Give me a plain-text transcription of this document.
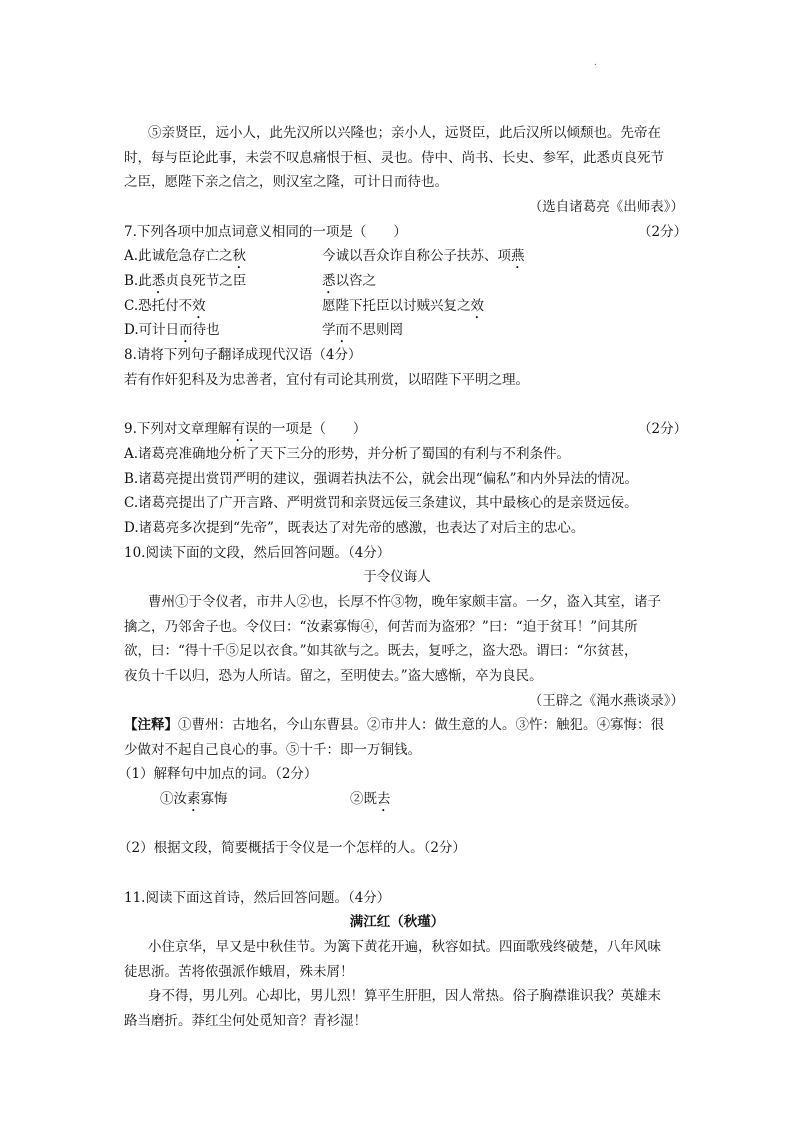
.
⑤亲贤臣，远小人，此先汉所以兴隆也；亲小人，远贤臣，此后汉所以倾颓也。先帝在
时，每与臣论此事，未尝不叹息痛恨于桓、灵也。侍中、尚书、长史、参军，此悉贞良死节
之臣，愿陛下亲之信之，则汉室之隆，可计日而待也。
（选自诸葛亮《出师表》）
7.下列各项中加点词意义相同的一项是（　　）	（2分）
A.此诚危急存亡之秋	今诚以吾众诈自称公子扶苏、项燕
B.此悉贞良死节之臣	悉以咨之
C.恐托付不效	愿陛下托臣以讨贼兴复之效
D.可计日而待也	学而不思则罔
8.请将下列句子翻译成现代汉语（4分）
若有作奸犯科及为忠善者，宜付有司论其刑赏，以昭陛下平明之理。
9.下列对文章理解有误的一项是（　　）	（2分）
A.诸葛亮准确地分析了天下三分的形势，并分析了蜀国的有利与不利条件。
B.诸葛亮提出赏罚严明的建议，强调若执法不公，就会出现“偏私”和内外异法的情况。
C.诸葛亮提出了广开言路、严明赏罚和亲贤远佞三条建议，其中最核心的是亲贤远佞。
D.诸葛亮多次提到“先帝”，既表达了对先帝的感激，也表达了对后主的忠心。
10.阅读下面的文段，然后回答问题。（4分）
于令仪诲人
曹州①于令仪者，市井人②也，长厚不忤③物，晚年家颇丰富。一夕，盗入其室，诸子
擒之，乃邻舍子也。令仪曰：“汝素寡悔④，何苦而为盗邪？”曰：“迫于贫耳！”问其所
欲，曰：“得十千⑤足以衣食。”如其欲与之。既去，复呼之，盗大恐。谓曰：“尔贫甚，
夜负十千以归，恐为人所诘。留之，至明使去。”盗大感惭，卒为良民。
（王辟之《渑水燕谈录》）
【注释】①曹州：古地名，今山东曹县。②市井人：做生意的人。③忤：触犯。④寡悔：很
少做对不起自己良心的事。⑤十千：即一万铜钱。
（1）解释句中加点的词。（2分）
①汝素寡悔	②既去
（2）根据文段，简要概括于令仪是一个怎样的人。（2分）
11.阅读下面这首诗，然后回答问题。（4分）
满江红（秋瑾）
小住京华，早又是中秋佳节。为篱下黄花开遍，秋容如拭。四面歌残终破楚，八年风味
徒思浙。苦将侬强派作蛾眉，殊未屑！
身不得，男儿列。心却比，男儿烈！算平生肝胆，因人常热。俗子胸襟谁识我？英雄末
路当磨折。莽红尘何处觅知音？青衫湿！
